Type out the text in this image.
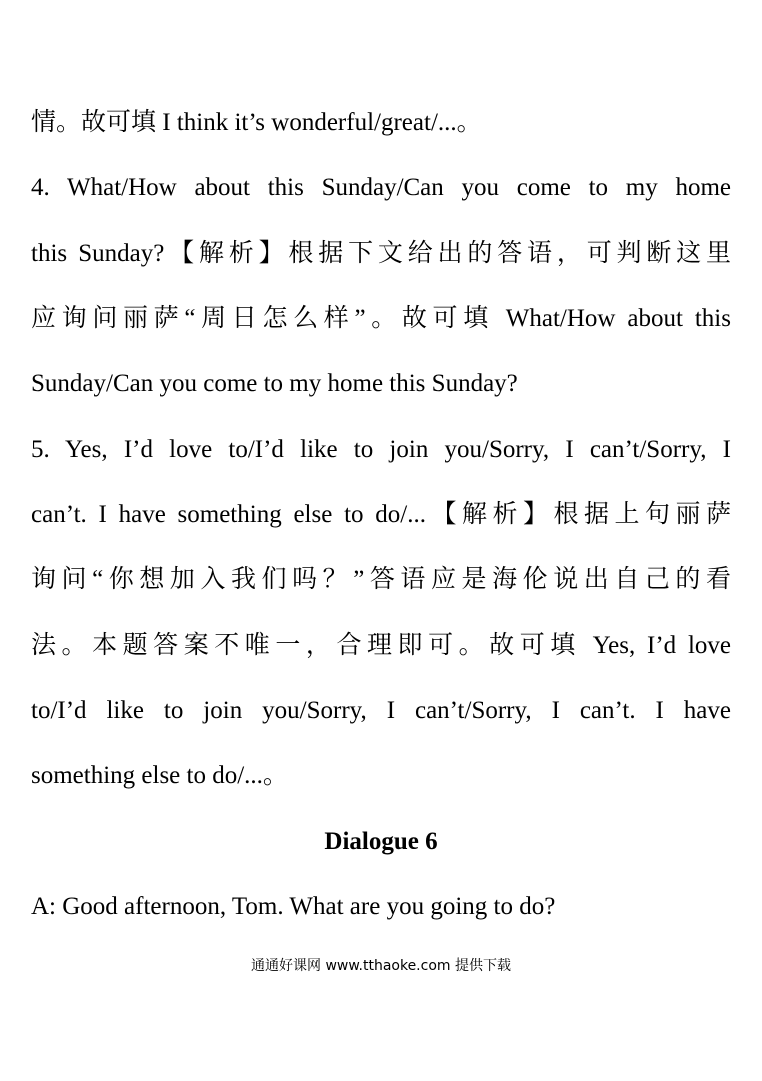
情。故可填 I think it’s wonderful/great/...。
4. What/How about this Sunday/Can you come to my home
this Sunday?【解析】根据下文给出的答语，可判断这里
应询问丽萨“周日怎么样”。故可填 What/How about this
Sunday/Can you come to my home this Sunday?
5. Yes, I’d love to/I’d like to join you/Sorry, I can’t/Sorry, I
can’t. I have something else to do/...【解析】根据上句丽萨
询问“你想加入我们吗？”答语应是海伦说出自己的看
法。本题答案不唯一，合理即可。故可填 Yes, I’d love
to/I’d like to join you/Sorry, I can’t/Sorry, I can’t. I have
something else to do/...。
Dialogue 6
A: Good afternoon, Tom. What are you going to do?
通通好课网 www.tthaoke.com 提供下载
